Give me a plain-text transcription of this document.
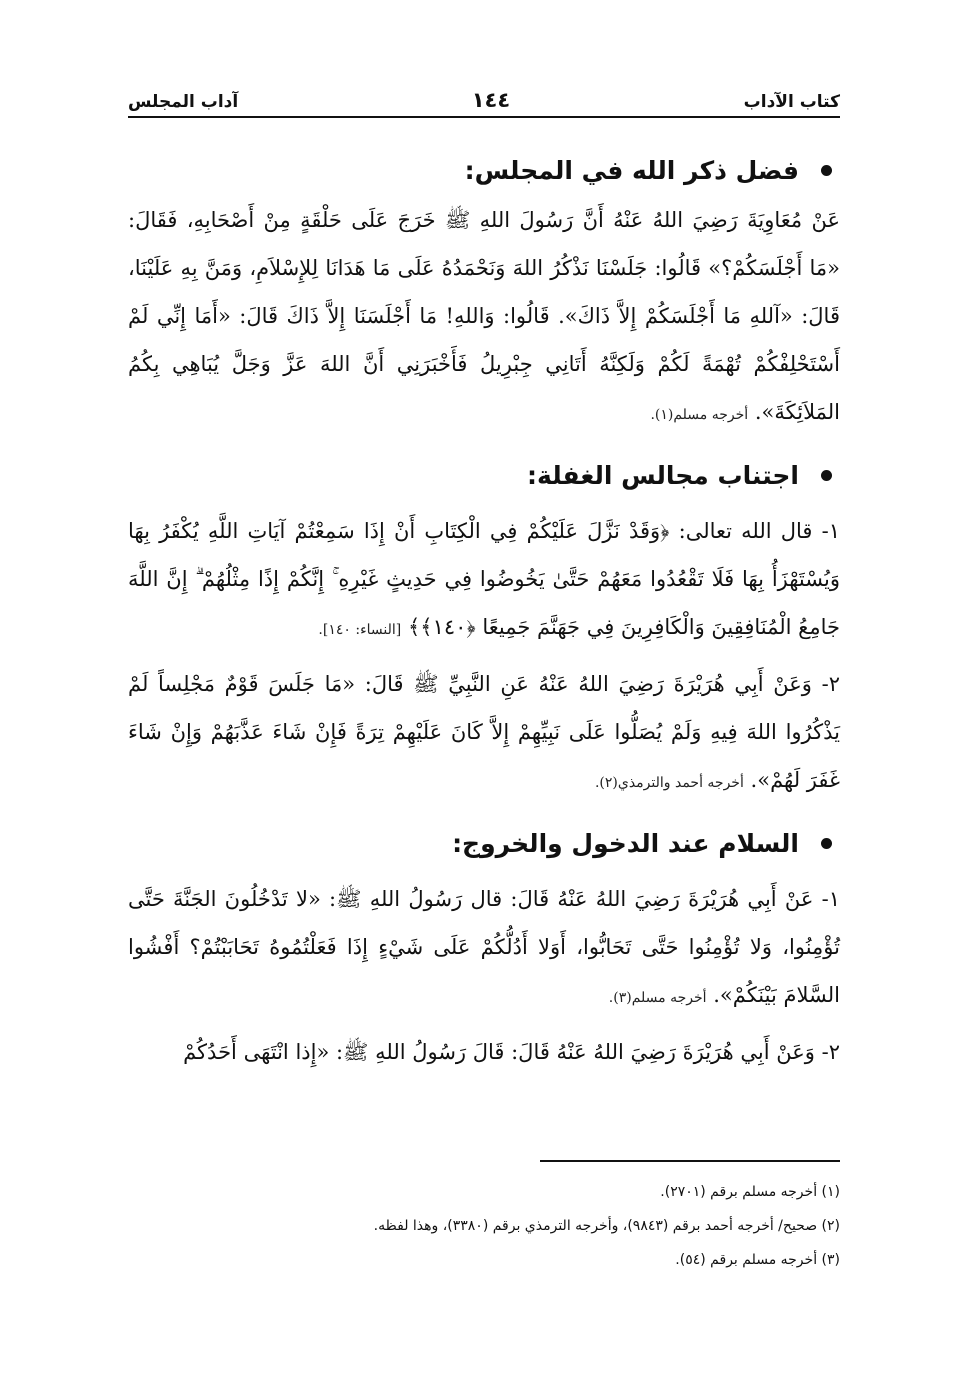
كتاب الآداب
١٤٤
آداب المجلس
فضل ذكر الله في المجلس:
عَنْ مُعَاوِيَةَ رَضِيَ اللهُ عَنْهُ أَنَّ رَسُولَ اللهِ ﷺ خَرَجَ عَلَى حَلْقَةٍ مِنْ أَصْحَابِهِ، فَقَالَ: «مَا أَجْلَسَكُمْ؟» قَالُوا: جَلَسْنَا نَذْكُرُ اللهَ وَنَحْمَدُهُ عَلَى مَا هَدَانَا لِلإِسْلاَمِ، وَمَنَّ بِهِ عَلَيْنَا، قَالَ: «آللهِ مَا أَجْلَسَكُمْ إِلاَّ ذَاكَ». قَالُوا: وَاللهِ! مَا أَجْلَسَنَا إِلاَّ ذَاكَ قَالَ: «أَمَا إِنِّي لَمْ أَسْتَحْلِفْكُمْ تُهْمَةً لَكُمْ وَلَكِنَّهُ أَتَانِي جِبْرِيلُ فَأَخْبَرَنِي أَنَّ اللهَ عَزَّ وَجَلَّ يُبَاهِي بِكُمُ المَلاَئِكَةَ». أخرجه مسلم(١).
اجتناب مجالس الغفلة:
١- قال الله تعالى: ﴿وَقَدْ نَزَّلَ عَلَيْكُمْ فِي الْكِتَابِ أَنْ إِذَا سَمِعْتُمْ آيَاتِ اللَّهِ يُكْفَرُ بِهَا وَيُسْتَهْزَأُ بِهَا فَلَا تَقْعُدُوا مَعَهُمْ حَتَّىٰ يَخُوضُوا فِي حَدِيثٍ غَيْرِهِ ۚ إِنَّكُمْ إِذًا مِثْلُهُمْ ۗ إِنَّ اللَّهَ جَامِعُ الْمُنَافِقِينَ وَالْكَافِرِينَ فِي جَهَنَّمَ جَمِيعًا ﴿١٤٠﴾﴾ [النساء: ١٤٠].
٢- وَعَنْ أَبِي هُرَيْرَةَ رَضِيَ اللهُ عَنْهُ عَنِ النَّبِيِّ ﷺ قَالَ: «مَا جَلَسَ قَوْمٌ مَجْلِساً لَمْ يَذْكُرُوا اللهَ فِيهِ وَلَمْ يُصَلُّوا عَلَى نَبِيِّهِمْ إِلاَّ كَانَ عَلَيْهِمْ تِرَةً فَإِنْ شَاءَ عَذَّبَهُمْ وَإِنْ شَاءَ غَفَرَ لَهُمْ». أخرجه أحمد والترمذي(٢).
السلام عند الدخول والخروج:
١- عَنْ أَبِي هُرَيْرَةَ رَضِيَ اللهُ عَنْهُ قَالَ: قال رَسُولُ اللهِ ﷺ: «لا تَدْخُلُونَ الجَنَّةَ حَتَّى تُؤْمِنُوا، وَلا تُؤْمِنُوا حَتَّى تَحَابُّوا، أَوَلا أَدُلُّكُمْ عَلَى شَيْءٍ إِذَا فَعَلْتُمُوهُ تَحَابَبْتُمْ؟ أَفْشُوا السَّلامَ بَيْنَكُمْ». أخرجه مسلم(٣).
٢- وَعَنْ أَبِي هُرَيْرَةَ رَضِيَ اللهُ عَنْهُ قَالَ: قَالَ رَسُولُ اللهِ ﷺ: «إِذا انْتَهَى أَحَدُكُمْ
(١) أخرجه مسلم برقم (٢٧٠١).
(٢) صحيح/ أخرجه أحمد برقم (٩٨٤٣)، وأخرجه الترمذي برقم (٣٣٨٠)، وهذا لفظه.
(٣) أخرجه مسلم برقم (٥٤).
